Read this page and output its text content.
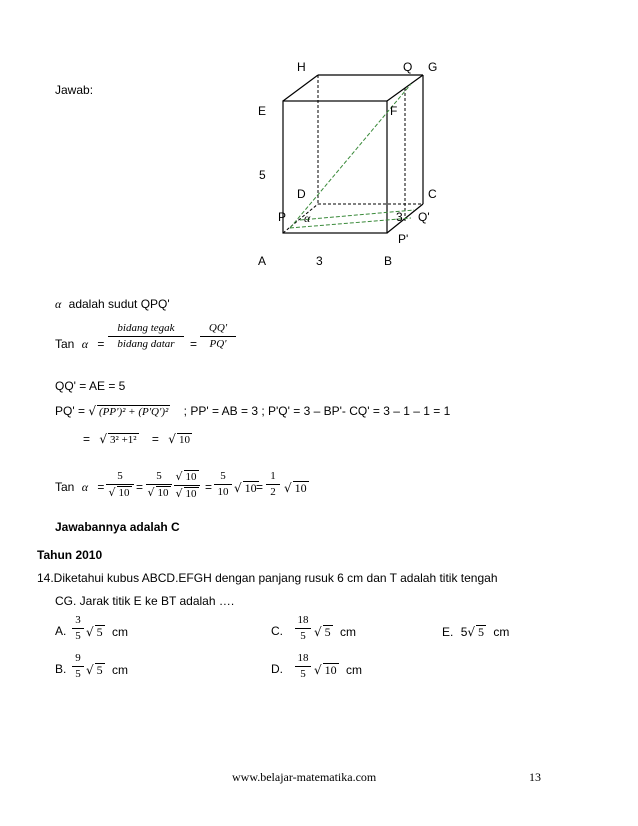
Jawab:
H	Q G
E	F
5
D	C
P α	3 Q'
P'
A	3	B
α adalah sudut QPQ'
Tan α =
bidang tegak
bidang datar	=
QQ'
PQ'
QQ' = AE = 5
PQ' = √ (PP')² + (P'Q')² ; PP' = AB = 3 ; P'Q' = 3 – BP'- CQ' = 3 – 1 – 1 = 1
= √ 3² +1² = √ 10
Tan α =
5
√ 10 =
5
√ 10
√ 10
√ 10 =
5
10 √ 10 =
1
2 √ 10
Jawabannya adalah C
Tahun 2010
14.Diketahui kubus ABCD.EFGH dengan panjang rusuk 6 cm dan T adalah titik tengah
CG. Jarak titik E ke BT adalah ….
A.
3
5 √ 5 cm	C.
18
5 √ 5 cm	E. 5√ 5 cm
B.
9
5 √ 5 cm	D.
18
5 √ 10 cm
www.belajar-matematika.com	13
